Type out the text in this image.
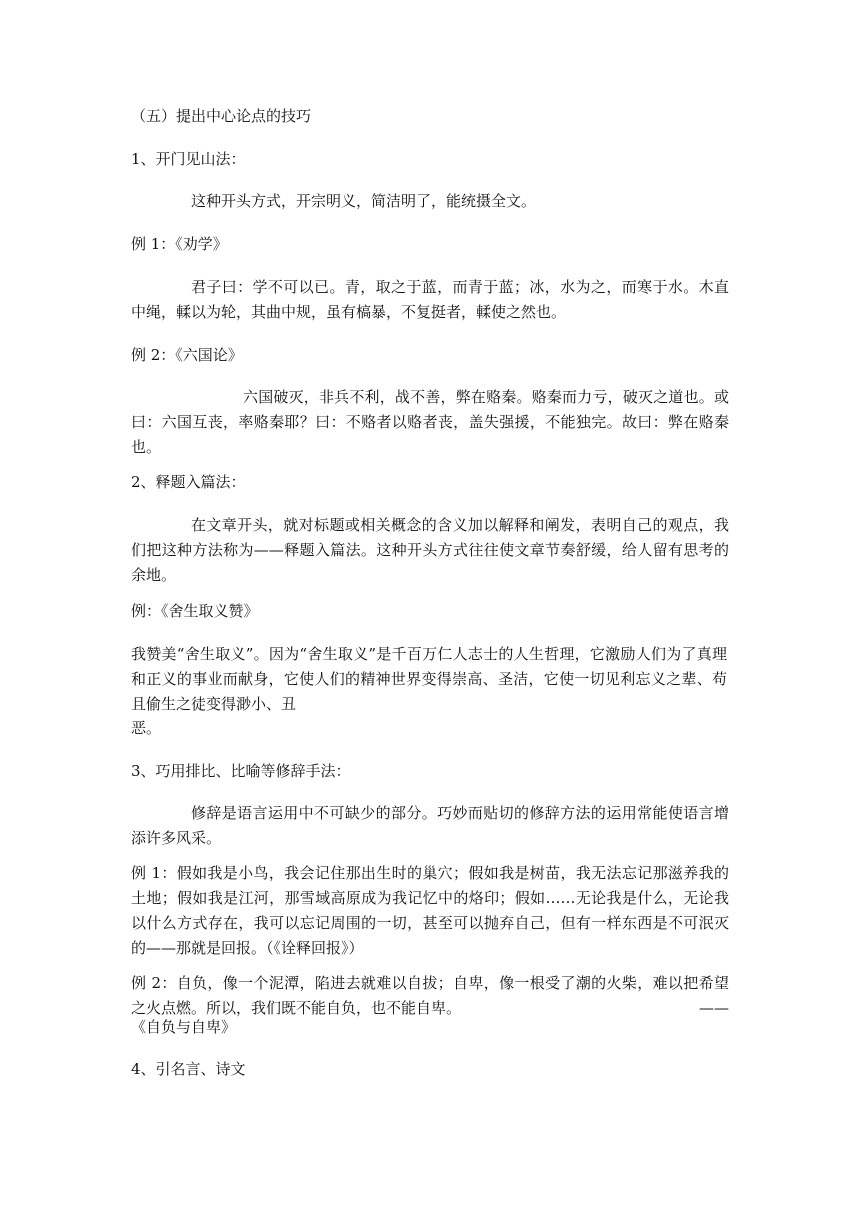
（五）提出中心论点的技巧
1、开门见山法：
这种开头方式，开宗明义，简洁明了，能统摄全文。
例 1：《劝学》
君子曰：学不可以已。青，取之于蓝，而青于蓝；冰，水为之，而寒于水。木直中绳，輮以为轮，其曲中规，虽有槁暴，不复挺者，輮使之然也。
例 2：《六国论》
六国破灭，非兵不利，战不善，弊在赂秦。赂秦而力亏，破灭之道也。或曰：六国互丧，率赂秦耶？曰：不赂者以赂者丧，盖失强援，不能独完。故曰：弊在赂秦也。
2、释题入篇法：
在文章开头，就对标题或相关概念的含义加以解释和阐发，表明自己的观点，我们把这种方法称为——释题入篇法。这种开头方式往往使文章节奏舒缓，给人留有思考的余地。
例：《舍生取义赞》
我赞美“舍生取义”。因为“舍生取义”是千百万仁人志士的人生哲理，它激励人们为了真理和正义的事业而献身，它使人们的精神世界变得崇高、圣洁，它使一切见利忘义之辈、苟且偷生之徒变得渺小、丑
恶。
3、巧用排比、比喻等修辞手法：
修辞是语言运用中不可缺少的部分。巧妙而贴切的修辞方法的运用常能使语言增添许多风采。
例 1：假如我是小鸟，我会记住那出生时的巢穴；假如我是树苗，我无法忘记那滋养我的土地；假如我是江河，那雪域高原成为我记忆中的烙印；假如……无论我是什么，无论我以什么方式存在，我可以忘记周围的一切，甚至可以抛弃自己，但有一样东西是不可泯灭的——那就是回报。（《诠释回报》）
例 2：自负，像一个泥潭，陷进去就难以自拔；自卑，像一根受了潮的火柴，难以把希望之火点燃。所以，我们既不能自负，也不能自卑。	——
《自负与自卑》
4、引名言、诗文
